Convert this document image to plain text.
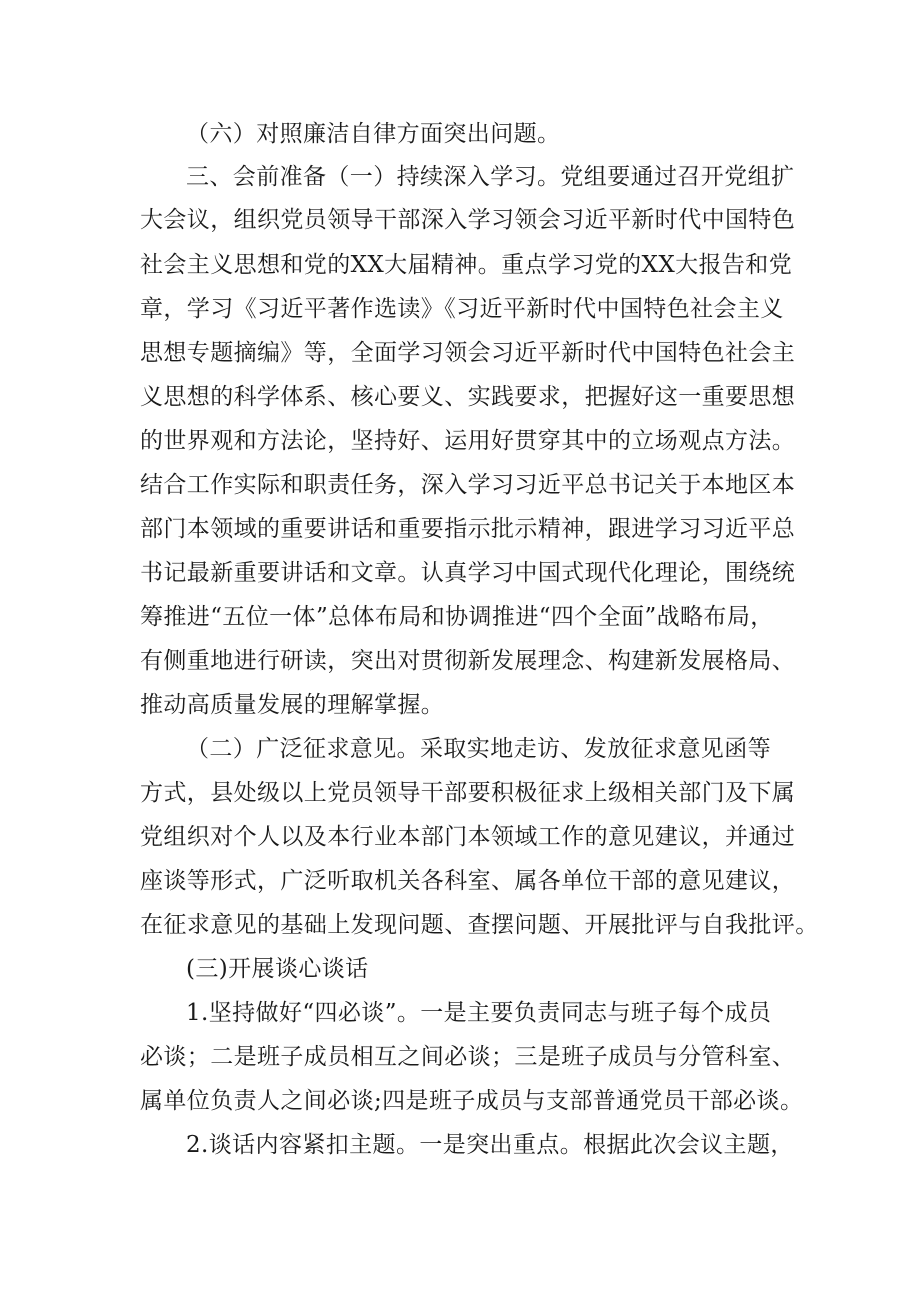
（六）对照廉洁自律方面突出问题。
三、会前准备（一）持续深入学习。党组要通过召开党组扩
大会议，组织党员领导干部深入学习领会习近平新时代中国特色
社会主义思想和党的XX大届精神。重点学习党的XX大报告和党
章，学习《习近平著作选读》《习近平新时代中国特色社会主义
思想专题摘编》等，全面学习领会习近平新时代中国特色社会主
义思想的科学体系、核心要义、实践要求，把握好这一重要思想
的世界观和方法论，坚持好、运用好贯穿其中的立场观点方法。
结合工作实际和职责任务，深入学习习近平总书记关于本地区本
部门本领域的重要讲话和重要指示批示精神，跟进学习习近平总
书记最新重要讲话和文章。认真学习中国式现代化理论，围绕统
筹推进“五位一体”总体布局和协调推进“四个全面”战略布局，
有侧重地进行研读，突出对贯彻新发展理念、构建新发展格局、
推动高质量发展的理解掌握。
（二）广泛征求意见。采取实地走访、发放征求意见函等
方式，县处级以上党员领导干部要积极征求上级相关部门及下属
党组织对个人以及本行业本部门本领域工作的意见建议，并通过
座谈等形式，广泛听取机关各科室、属各单位干部的意见建议，
在征求意见的基础上发现问题、查摆问题、开展批评与自我批评。
(三)开展谈心谈话
1.坚持做好“四必谈”。一是主要负责同志与班子每个成员
必谈；二是班子成员相互之间必谈；三是班子成员与分管科室、
属单位负责人之间必谈;四是班子成员与支部普通党员干部必谈。
2.谈话内容紧扣主题。一是突出重点。根据此次会议主题，
